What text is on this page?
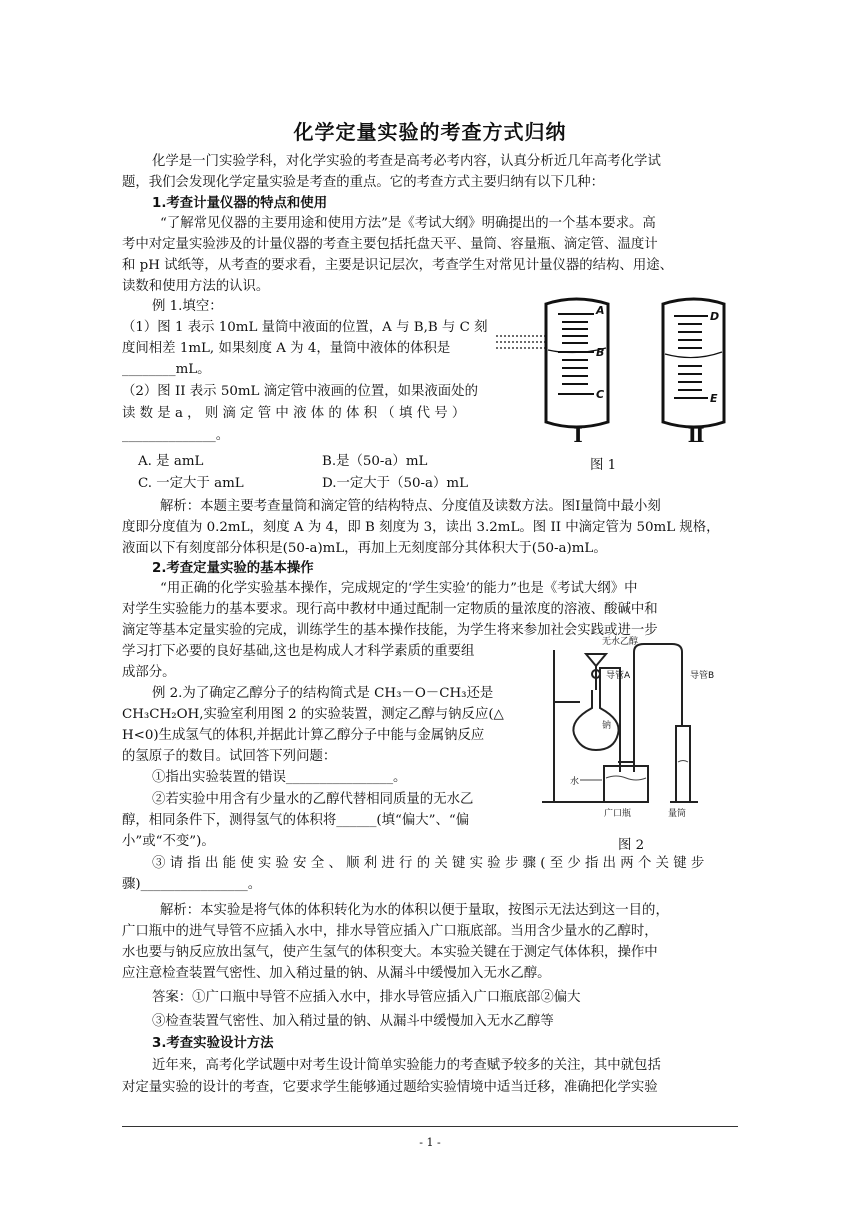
化学定量实验的考查方式归纳
化学是一门实验学科，对化学实验的考查是高考必考内容，认真分析近几年高考化学试
题，我们会发现化学定量实验是考查的重点。它的考查方式主要归纳有以下几种：
1.考查计量仪器的特点和使用
“了解常见仪器的主要用途和使用方法”是《考试大纲》明确提出的一个基本要求。高
考中对定量实验涉及的计量仪器的考查主要包括托盘天平、量筒、容量瓶、滴定管、温度计
和 pH 试纸等，从考查的要求看，主要是识记层次，考查学生对常见计量仪器的结构、用途、
读数和使用方法的认识。
例 1.填空：
（1）图 1 表示 10mL 量筒中液面的位置，A 与 B,B 与 C 刻
度间相差 1mL, 如果刻度 A 为 4，量筒中液体的体积是
________mL。
（2）图 II 表示 50mL 滴定管中液画的位置，如果液面处的
读 数 是 a ， 则 滴 定 管 中 液 体 的 体 积 （ 填 代 号 ）
______________。
A. 是 amL	B.是（50-a）mL
C. 一定大于 amL	D.一定大于（50-a）mL
图 1
A
B
C
D
E
I	Ⅱ
解析：本题主要考查量筒和滴定管的结构特点、分度值及读数方法。图Ⅰ量筒中最小刻
度即分度值为 0.2mL，刻度 A 为 4，即 B 刻度为 3，读出 3.2mL。图 II 中滴定管为 50mL 规格，
液面以下有刻度部分体积是(50-a)mL，再加上无刻度部分其体积大于(50-a)mL。
2.考查定量实验的基本操作
“用正确的化学实验基本操作，完成规定的‘学生实验’的能力”也是《考试大纲》中
对学生实验能力的基本要求。现行高中教材中通过配制一定物质的量浓度的溶液、酸碱中和
滴定等基本定量实验的完成，训练学生的基本操作技能，为学生将来参加社会实践或进一步
学习打下必要的良好基础,这也是构成人才科学素质的重要组
成部分。
例 2.为了确定乙醇分子的结构简式是 CH₃－O－CH₃还是
CH₃CH₂OH,实验室利用图 2 的实验装置，测定乙醇与钠反应(△
H<0)生成氢气的体积,并据此计算乙醇分子中能与金属钠反应
的氢原子的数目。试回答下列问题：
①指出实验装置的错误________________。
②若实验中用含有少量水的乙醇代替相同质量的无水乙
醇，相同条件下，测得氢气的体积将______(填“偏大”、“偏
小”或“不变”)。
③ 请 指 出 能 使 实 验 安 全 、 顺 利 进 行 的 关 键 实 验 步 骤 ( 至 少 指 出 两 个 关 键 步
骤)________________。
图 2
无水乙醇
导管A	导管B
钠
水
广口瓶	量筒
解析：本实验是将气体的体积转化为水的体积以便于量取，按图示无法达到这一目的，
广口瓶中的进气导管不应插入水中，排水导管应插入广口瓶底部。当用含少量水的乙醇时，
水也要与钠反应放出氢气，使产生氢气的体积变大。本实验关键在于测定气体体积，操作中
应注意检查装置气密性、加入稍过量的钠、从漏斗中缓慢加入无水乙醇。
答案：①广口瓶中导管不应插入水中，排水导管应插入广口瓶底部②偏大
③检查装置气密性、加入稍过量的钠、从漏斗中缓慢加入无水乙醇等
3.考查实验设计方法
近年来，高考化学试题中对考生设计简单实验能力的考查赋予较多的关注，其中就包括
对定量实验的设计的考查，它要求学生能够通过题给实验情境中适当迁移，准确把化学实验
- 1 -
